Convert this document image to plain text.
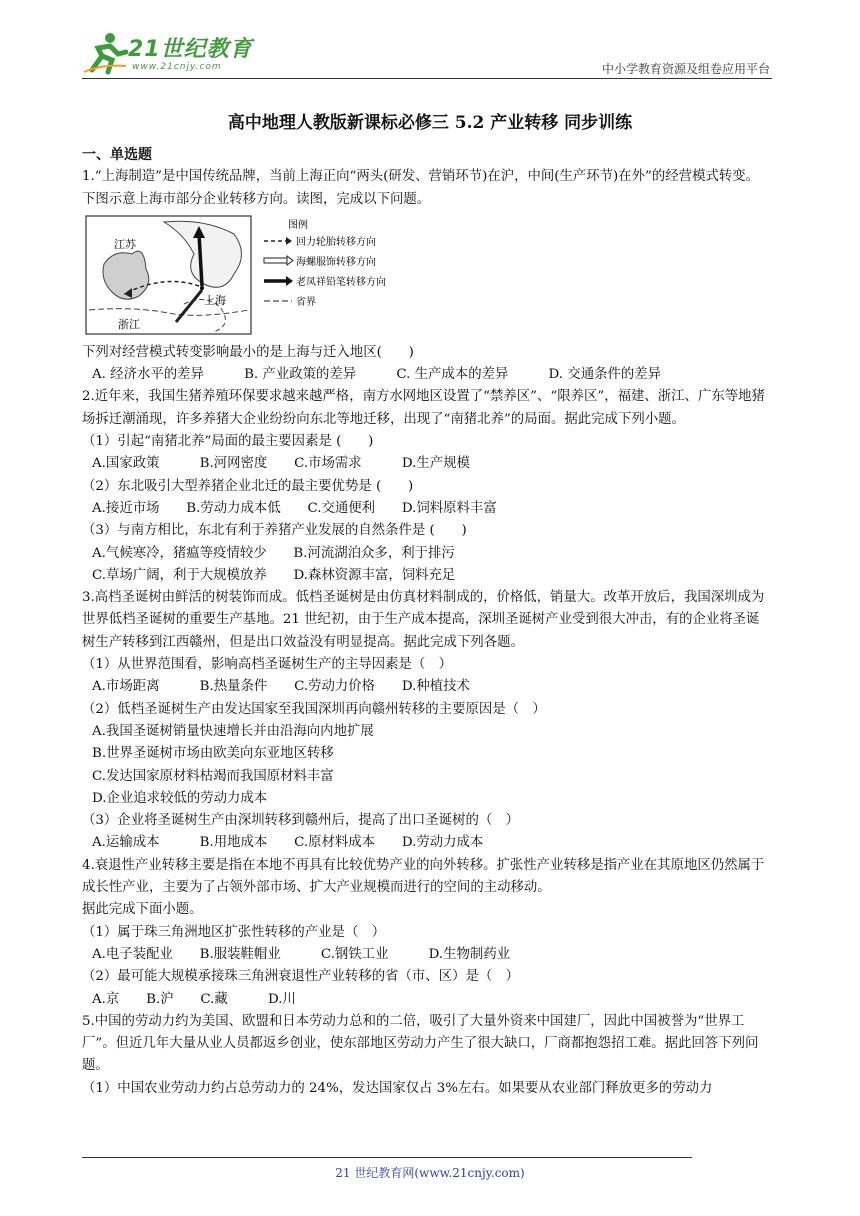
21世纪教育
www.21cnjy.com	中小学教育资源及组卷应用平台
高中地理人教版新课标必修三 5.2 产业转移 同步训练

一、单选题

1.“上海制造”是中国传统品牌，当前上海正向“两头(研发、营销环节)在沪，中间(生产环节)在外”的经营模式转变。下图示意上海市部分企业转移方向。读图，完成以下问题。

江苏
上海
浙江
图例
回力轮胎转移方向
海螺服饰转移方向
老凤祥铅笔转移方向
省界

下列对经营模式转变影响最小的是上海与迁入地区(　　)

A. 经济水平的差异　　　B. 产业政策的差异　　　C. 生产成本的差异　　　D. 交通条件的差异

2.近年来，我国生猪养殖环保要求越来越严格，南方水网地区设置了“禁养区”、“限养区”，福建、浙江、广东等地猪场拆迁潮涌现，许多养猪大企业纷纷向东北等地迁移，出现了“南猪北养”的局面。据此完成下列小题。

（1）引起“南猪北养”局面的最主要因素是 (　　)

A.国家政策　　　B.河网密度　　C.市场需求　　　D.生产规模

（2）东北吸引大型养猪企业北迁的最主要优势是 (　　)

A.接近市场　　B.劳动力成本低　　C.交通便利　　D.饲料原料丰富

（3）与南方相比，东北有利于养猪产业发展的自然条件是 (　　)

A.气候寒冷，猪瘟等疫情较少　　B.河流湖泊众多，利于排污

C.草场广阔，利于大规模放养　　D.森林资源丰富，饲料充足

3.高档圣诞树由鲜活的树装饰而成。低档圣诞树是由仿真材料制成的，价格低，销量大。改革开放后，我国深圳成为世界低档圣诞树的重要生产基地。21 世纪初，由于生产成本提高，深圳圣诞树产业受到很大冲击，有的企业将圣诞树生产转移到江西赣州，但是出口效益没有明显提高。据此完成下列各题。

（1）从世界范围看，影响高档圣诞树生产的主导因素是（　）

A.市场距离　　　B.热量条件　　C.劳动力价格　　D.种植技术

（2）低档圣诞树生产由发达国家至我国深圳再向赣州转移的主要原因是（　）

A.我国圣诞树销量快速增长并由沿海向内地扩展

B.世界圣诞树市场由欧美向东亚地区转移

C.发达国家原材料枯竭而我国原材料丰富

D.企业追求较低的劳动力成本

（3）企业将圣诞树生产由深圳转移到赣州后，提高了出口圣诞树的（　）

A.运输成本　　　B.用地成本　　C.原材料成本　　D.劳动力成本

4.衰退性产业转移主要是指在本地不再具有比较优势产业的向外转移。扩张性产业转移是指产业在其原地区仍然属于成长性产业，主要为了占领外部市场、扩大产业规模而进行的空间的主动移动。

据此完成下面小题。

（1）属于珠三角洲地区扩张性转移的产业是（　）

A.电子装配业　　B.服装鞋帽业　　　C.钢铁工业　　　D.生物制药业

（2）最可能大规模承接珠三角洲衰退性产业转移的省（市、区）是（　）

A.京　　B.沪　　C.藏　　　D.川

5.中国的劳动力约为美国、欧盟和日本劳动力总和的二倍，吸引了大量外资来中国建厂，因此中国被誉为“世界工厂”。但近几年大量从业人员都返乡创业，使东部地区劳动力产生了很大缺口，厂商都抱怨招工难。据此回答下列问题。

（1）中国农业劳动力约占总劳动力的 24%，发达国家仅占 3%左右。如果要从农业部门释放更多的劳动力

21 世纪教育网(www.21cnjy.com)
